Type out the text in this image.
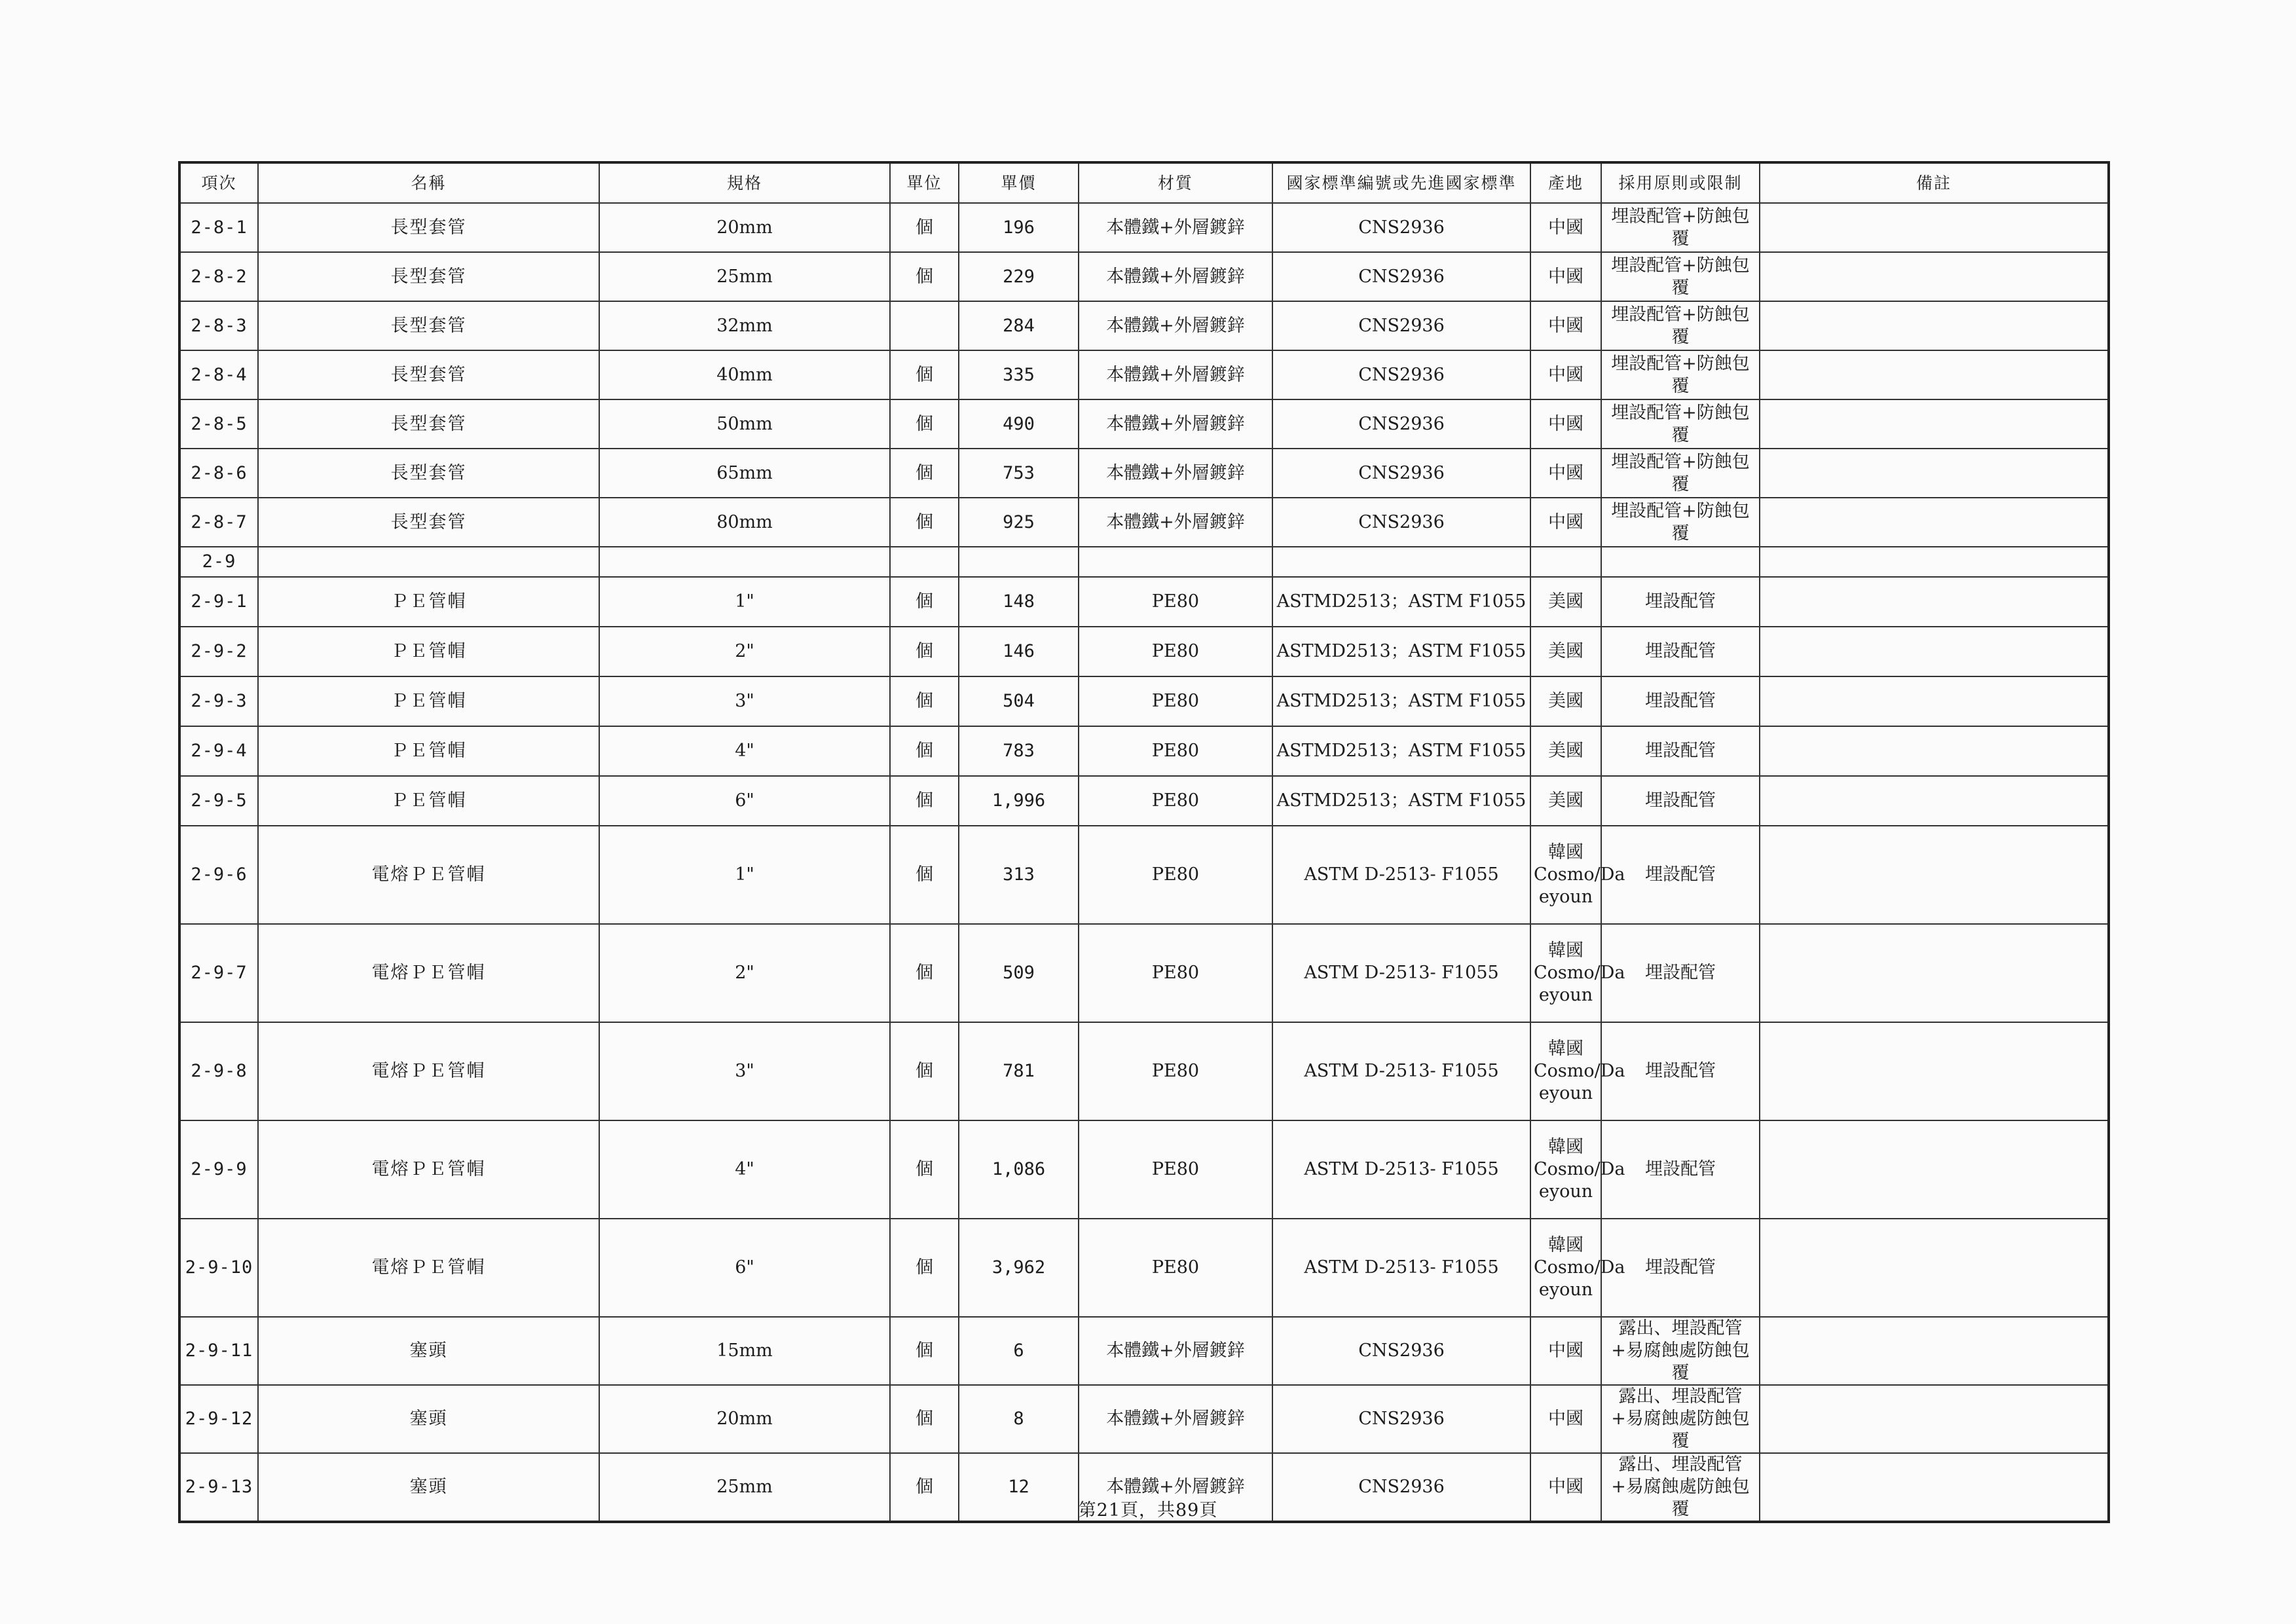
項次	名稱	規格	單位	單價	材質	國家標準編號或先進國家標準	產地	採用原則或限制	備註
2-8-1	長型套管	20mm	個	196	本體鐵+外層鍍鋅	CNS2936	中國	埋設配管+防蝕包覆	
2-8-2	長型套管	25mm	個	229	本體鐵+外層鍍鋅	CNS2936	中國	埋設配管+防蝕包覆	
2-8-3	長型套管	32mm		284	本體鐵+外層鍍鋅	CNS2936	中國	埋設配管+防蝕包覆	
2-8-4	長型套管	40mm	個	335	本體鐵+外層鍍鋅	CNS2936	中國	埋設配管+防蝕包覆	
2-8-5	長型套管	50mm	個	490	本體鐵+外層鍍鋅	CNS2936	中國	埋設配管+防蝕包覆	
2-8-6	長型套管	65mm	個	753	本體鐵+外層鍍鋅	CNS2936	中國	埋設配管+防蝕包覆	
2-8-7	長型套管	80mm	個	925	本體鐵+外層鍍鋅	CNS2936	中國	埋設配管+防蝕包覆	
2-9									
2-9-1	ＰＥ管帽	1"	個	148	PE80	ASTMD2513；ASTM F1055	美國	埋設配管	
2-9-2	ＰＥ管帽	2"	個	146	PE80	ASTMD2513；ASTM F1055	美國	埋設配管	
2-9-3	ＰＥ管帽	3"	個	504	PE80	ASTMD2513；ASTM F1055	美國	埋設配管	
2-9-4	ＰＥ管帽	4"	個	783	PE80	ASTMD2513；ASTM F1055	美國	埋設配管	
2-9-5	ＰＥ管帽	6"	個	1,996	PE80	ASTMD2513；ASTM F1055	美國	埋設配管	
2-9-6	電熔ＰＥ管帽	1"	個	313	PE80	ASTM D-2513- F1055	韓國 Cosmo/Da eyoun	埋設配管	
2-9-7	電熔ＰＥ管帽	2"	個	509	PE80	ASTM D-2513- F1055	韓國 Cosmo/Da eyoun	埋設配管	
2-9-8	電熔ＰＥ管帽	3"	個	781	PE80	ASTM D-2513- F1055	韓國 Cosmo/Da eyoun	埋設配管	
2-9-9	電熔ＰＥ管帽	4"	個	1,086	PE80	ASTM D-2513- F1055	韓國 Cosmo/Da eyoun	埋設配管	
2-9-10	電熔ＰＥ管帽	6"	個	3,962	PE80	ASTM D-2513- F1055	韓國 Cosmo/Da eyoun	埋設配管	
2-9-11	塞頭	15mm	個	6	本體鐵+外層鍍鋅	CNS2936	中國	露出、埋設配管+易腐蝕處防蝕包覆	
2-9-12	塞頭	20mm	個	8	本體鐵+外層鍍鋅	CNS2936	中國	露出、埋設配管+易腐蝕處防蝕包覆	
2-9-13	塞頭	25mm	個	12	本體鐵+外層鍍鋅	CNS2936	中國	露出、埋設配管+易腐蝕處防蝕包覆	
第21頁，共89頁
